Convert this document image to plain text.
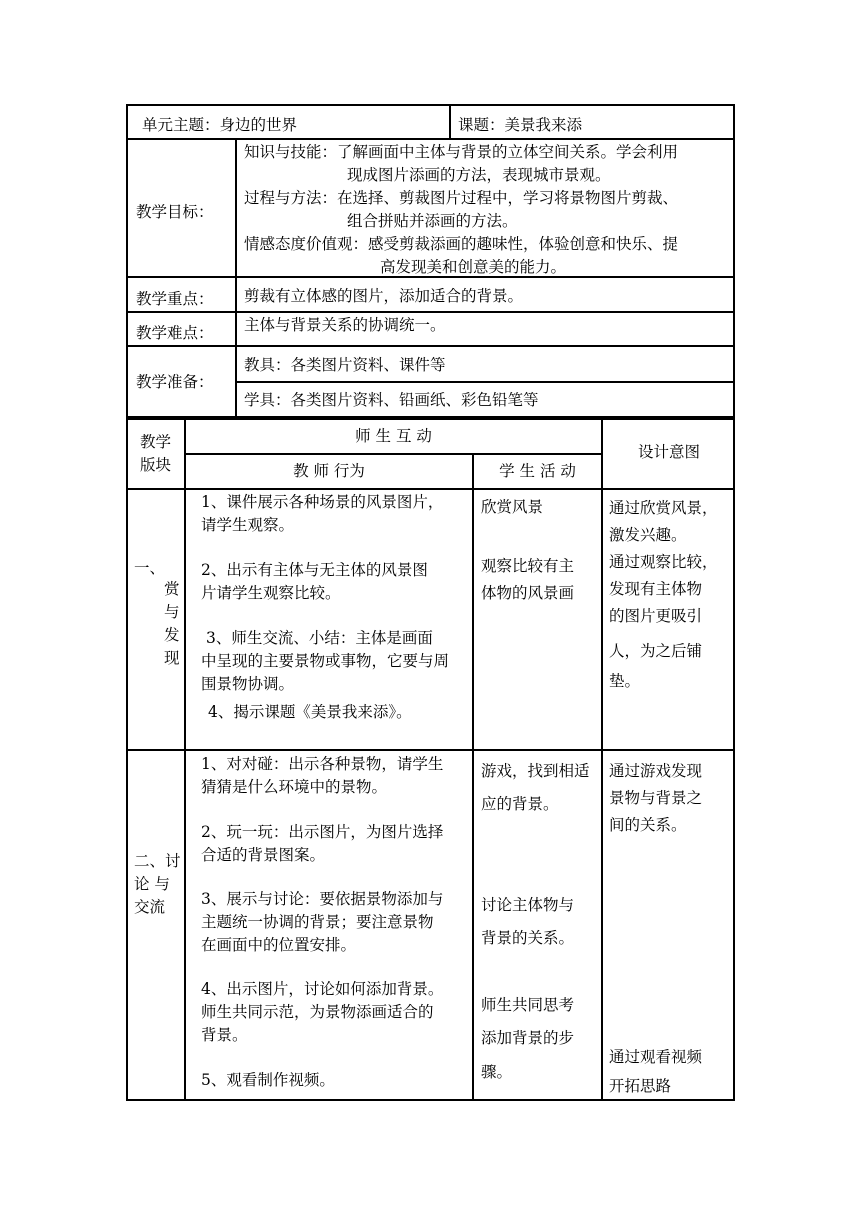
单元主题：身边的世界	课题：美景我来添
教学目标：
知识与技能：了解画面中主体与背景的立体空间关系。学会利用
现成图片添画的方法，表现城市景观。
过程与方法：在选择、剪裁图片过程中，学习将景物图片剪裁、
组合拼贴并添画的方法。
情感态度价值观：感受剪裁添画的趣味性，体验创意和快乐、提
高发现美和创意美的能力。
教学重点： 剪裁有立体感的图片，添加适合的背景。
教学难点： 主体与背景关系的协调统一。
教学准备：
教具：各类图片资料、课件等
学具：各类图片资料、铅画纸、彩色铅笔等
教学
版块
师 生 互 动
教 师 行为	学 生 活 动
设计意图
一、
赏
与
发
现
1、课件展示各种场景的风景图片，
请学生观察。
2、出示有主体与无主体的风景图
片请学生观察比较。
3、师生交流、小结：主体是画面
中呈现的主要景物或事物，它要与周
围景物协调。
4、揭示课题《美景我来添》。
欣赏风景
观察比较有主
体物的风景画
通过欣赏风景，
激发兴趣。
通过观察比较，
发现有主体物
的图片更吸引
人，为之后铺
垫。
二、讨
论 与
交流
1、对对碰：出示各种景物，请学生
猜猜是什么环境中的景物。
2、玩一玩：出示图片，为图片选择
合适的背景图案。
3、展示与讨论：要依据景物添加与
主题统一协调的背景；要注意景物
在画面中的位置安排。
4、出示图片，讨论如何添加背景。
师生共同示范，为景物添画适合的
背景。
5、观看制作视频。
游戏，找到相适
应的背景。
讨论主体物与
背景的关系。
师生共同思考
添加背景的步
骤。
通过游戏发现
景物与背景之
间的关系。
通过观看视频
开拓思路
